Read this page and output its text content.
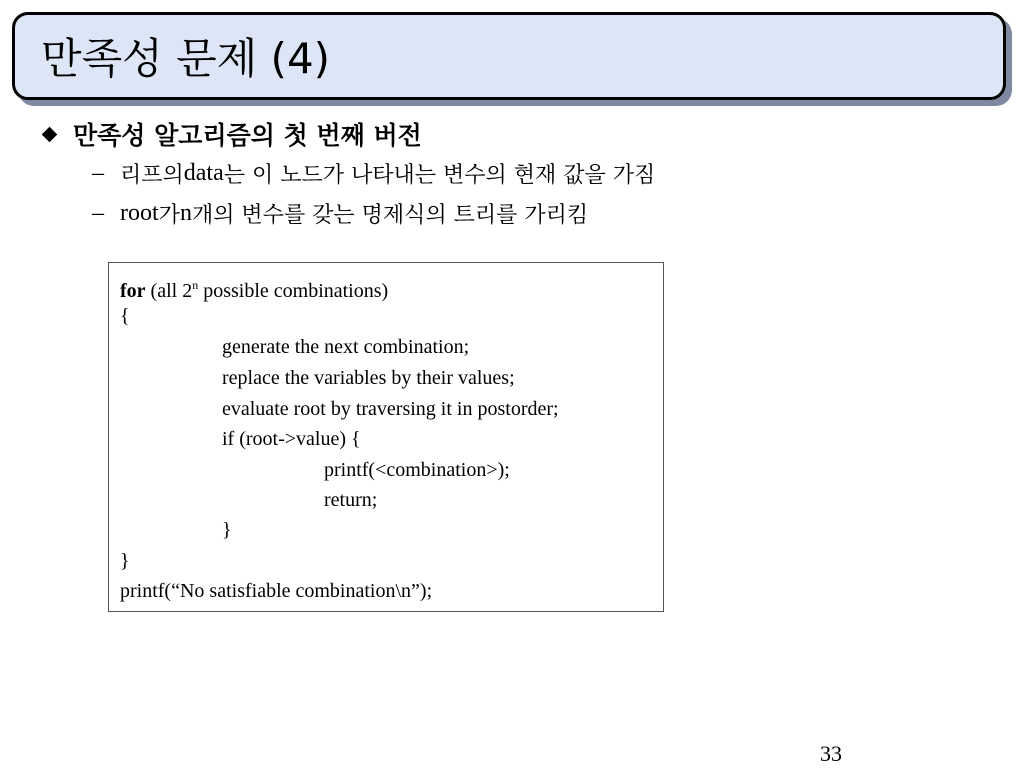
만족성 문제 (4)
만족성 알고리즘의 첫 번째 버전
– 리프의 data 는 이 노드가 나타내는 변수의 현재 값을 가짐
– root 가 n 개의 변수를 갖는 명제식의 트리를 가리킴
for (all 2$^n$ possible combinations)
{
generate the next combination;
replace the variables by their values;
evaluate root by traversing it in postorder;
if (root->value) {
printf(<combination>);
return;
}
}
printf(“No satisfiable combination\n”);
33
